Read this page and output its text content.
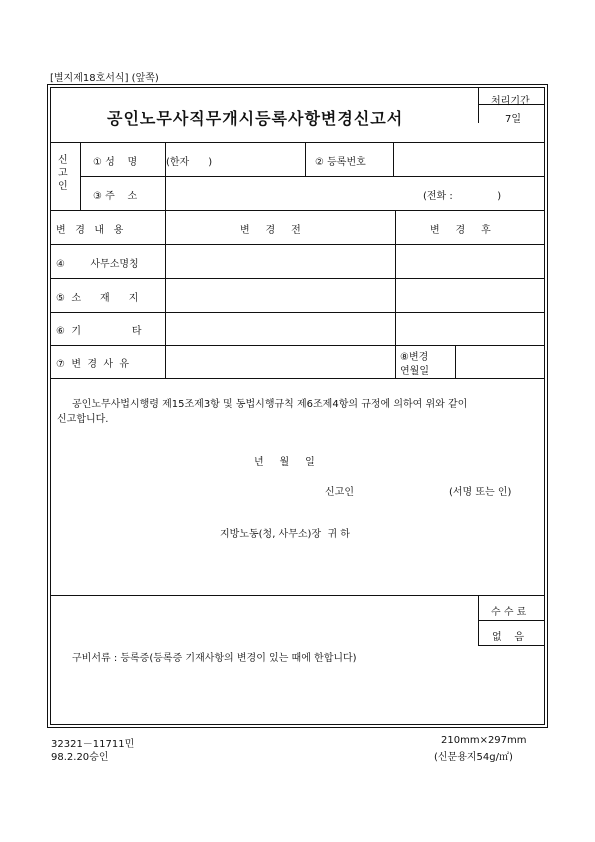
[별지제18호서식] (앞쪽)
공인노무사직무개시등록사항변경신고서
처리기간
7일
신
고
인
① 성    명	(한자      )	② 등록번호
③ 주    소	(전화 :              )
변   경   내   용	변     경     전	변     경     후
④        사무소명칭
⑤  소      재      지
⑥  기                타
⑦  변  경  사  유
⑧변경
연월일
공인노무사법시행령 제15조제3항 및 동법시행규칙 제6조제4항의 규정에 의하여 위와 같이
신고합니다.
년     월     일
신고인	(서명 또는 인)
지방노동(청, 사무소)장  귀 하
수 수 료
없    음
구비서류 : 등록증(등록증 기재사항의 변경이 있는 때에 한합니다)
32321－11711민
98.2.20승인
210mm×297mm
(신문용지54g/㎡)
